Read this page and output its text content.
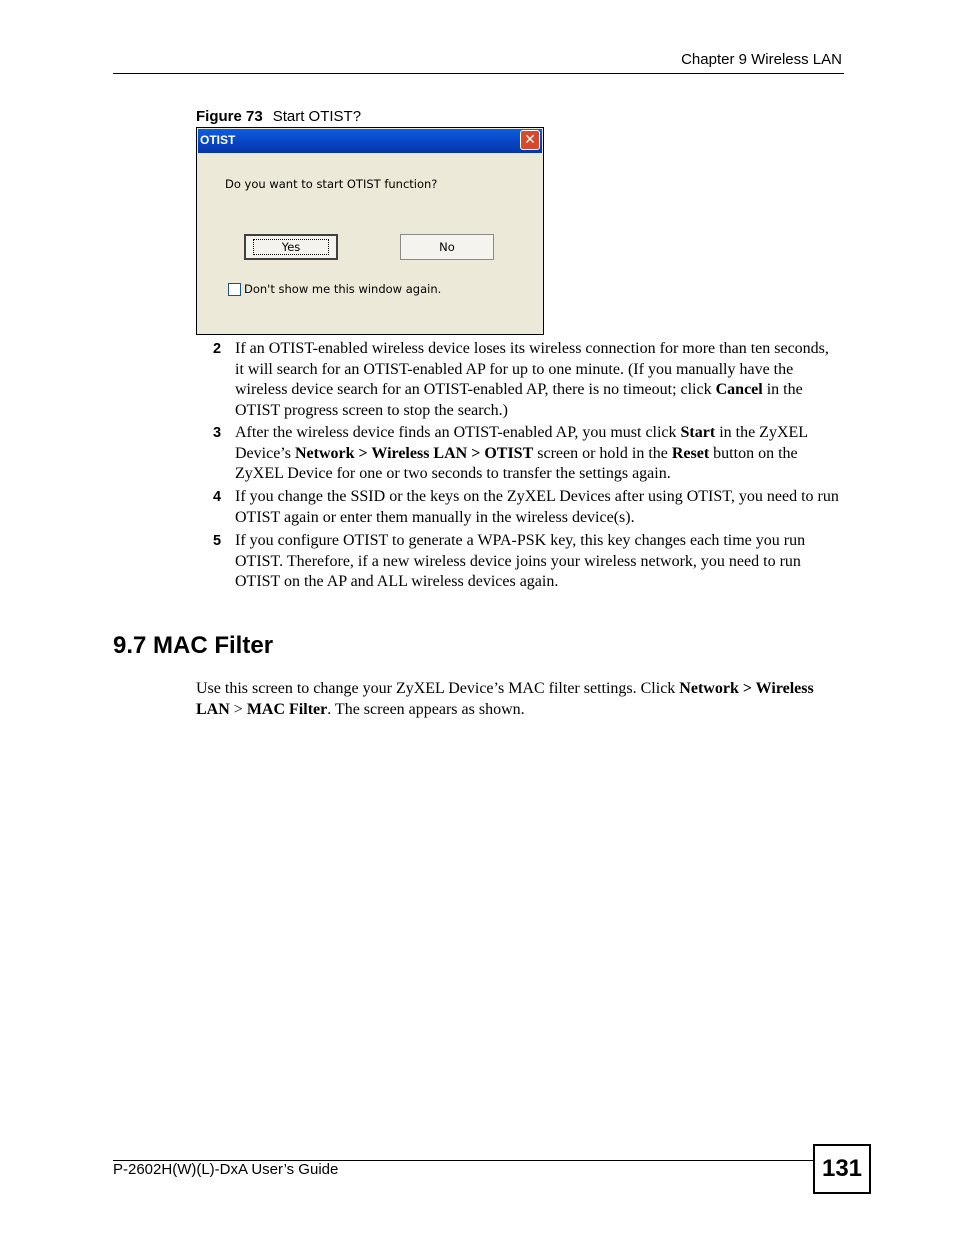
Chapter 9 Wireless LAN
Figure 73 Start OTIST?
OTIST	✕
Do you want to start OTIST function?
Yes	No
Don't show me this window again.
2 If an OTIST-enabled wireless device loses its wireless connection for more than ten seconds, it will search for an OTIST-enabled AP for up to one minute. (If you manually have the wireless device search for an OTIST-enabled AP, there is no timeout; click Cancel in the OTIST progress screen to stop the search.)
3 After the wireless device finds an OTIST-enabled AP, you must click Start in the ZyXEL Device’s Network > Wireless LAN > OTIST screen or hold in the Reset button on the ZyXEL Device for one or two seconds to transfer the settings again.
4 If you change the SSID or the keys on the ZyXEL Devices after using OTIST, you need to run OTIST again or enter them manually in the wireless device(s).
5 If you configure OTIST to generate a WPA-PSK key, this key changes each time you run OTIST. Therefore, if a new wireless device joins your wireless network, you need to run OTIST on the AP and ALL wireless devices again.
9.7 MAC Filter
Use this screen to change your ZyXEL Device’s MAC filter settings. Click Network > Wireless LAN > MAC Filter. The screen appears as shown.
P-2602H(W)(L)-DxA User’s Guide	131
